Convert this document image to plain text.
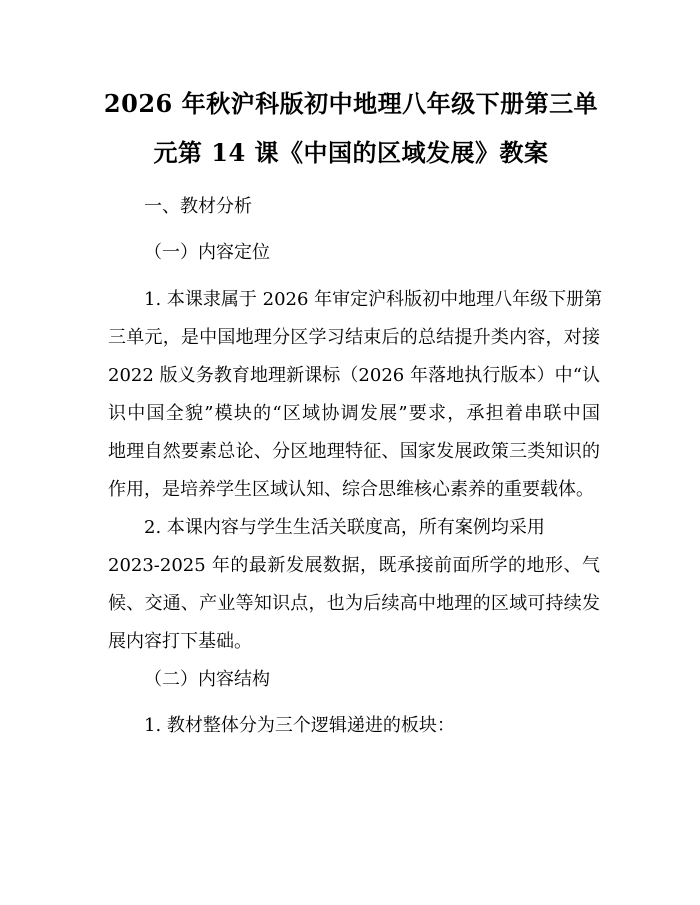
2026 年秋沪科版初中地理八年级下册第三单
元第 14 课《中国的区域发展》教案
一、教材分析
（一）内容定位
1. 本课隶属于 2026 年审定沪科版初中地理八年级下册第
三单元，是中国地理分区学习结束后的总结提升类内容，对接
2022 版义务教育地理新课标（2026 年落地执行版本）中“认
识中国全貌”模块的“区域协调发展”要求，承担着串联中国
地理自然要素总论、分区地理特征、国家发展政策三类知识的
作用，是培养学生区域认知、综合思维核心素养的重要载体。
2. 本课内容与学生生活关联度高，所有案例均采用
2023-2025 年的最新发展数据，既承接前面所学的地形、气
候、交通、产业等知识点，也为后续高中地理的区域可持续发
展内容打下基础。
（二）内容结构
1. 教材整体分为三个逻辑递进的板块：
